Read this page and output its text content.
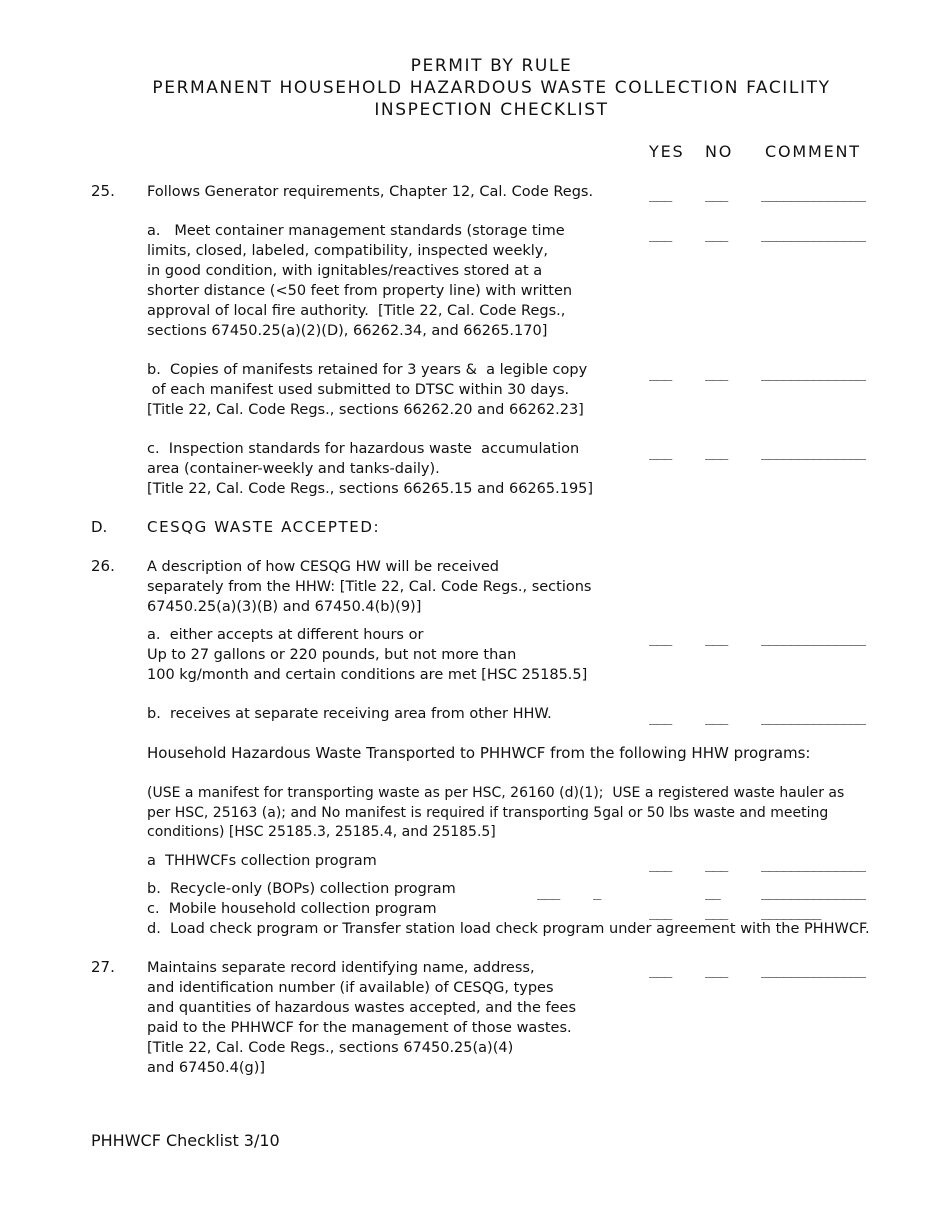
PERMIT BY RULE
PERMANENT HOUSEHOLD HAZARDOUS WASTE COLLECTION FACILITY
INSPECTION CHECKLIST
YES NO COMMENT
25. Follows Generator requirements, Chapter 12, Cal. Code Regs.	___ ___ ______________
a.   Meet container management standards (storage time
limits, closed, labeled, compatibility, inspected weekly,
in good condition, with ignitables/reactives stored at a
shorter distance (<50 feet from property line) with written
approval of local fire authority.  [Title 22, Cal. Code Regs.,
sections 67450.25(a)(2)(D), 66262.34, and 66265.170]
___ ___ ______________
b.  Copies of manifests retained for 3 years &  a legible copy
of each manifest used submitted to DTSC within 30 days.
[Title 22, Cal. Code Regs., sections 66262.20 and 66262.23]
___ ___ ______________
c.  Inspection standards for hazardous waste  accumulation
area (container-weekly and tanks-daily).
[Title 22, Cal. Code Regs., sections 66265.15 and 66265.195]
___ ___ ______________
D.	CESQG WASTE ACCEPTED:
26. A description of how CESQG HW will be received
separately from the HHW: [Title 22, Cal. Code Regs., sections
67450.25(a)(3)(B) and 67450.4(b)(9)]
a.  either accepts at different hours or
Up to 27 gallons or 220 pounds, but not more than
100 kg/month and certain conditions are met [HSC 25185.5]
___ ___ ______________
b.  receives at separate receiving area from other HHW.	___ ___ ______________
Household Hazardous Waste Transported to PHHWCF from the following HHW programs:
(USE a manifest for transporting waste as per HSC, 26160 (d)(1);  USE a registered waste hauler as
per HSC, 25163 (a); and No manifest is required if transporting 5gal or 50 lbs waste and meeting
conditions) [HSC 25185.3, 25185.4, and 25185.5]
a  THHWCFs collection program	___ ___ ______________
b.  Recycle-only (BOPs) collection program	___ _	__	______________
c.  Mobile household collection program	___ ___ ________
d.  Load check program or Transfer station load check program under agreement with the PHHWCF.
27. Maintains separate record identifying name, address,
and identification number (if available) of CESQG, types
and quantities of hazardous wastes accepted, and the fees
paid to the PHHWCF for the management of those wastes.
[Title 22, Cal. Code Regs., sections 67450.25(a)(4)
and 67450.4(g)]
___ ___ ______________
PHHWCF Checklist 3/10
